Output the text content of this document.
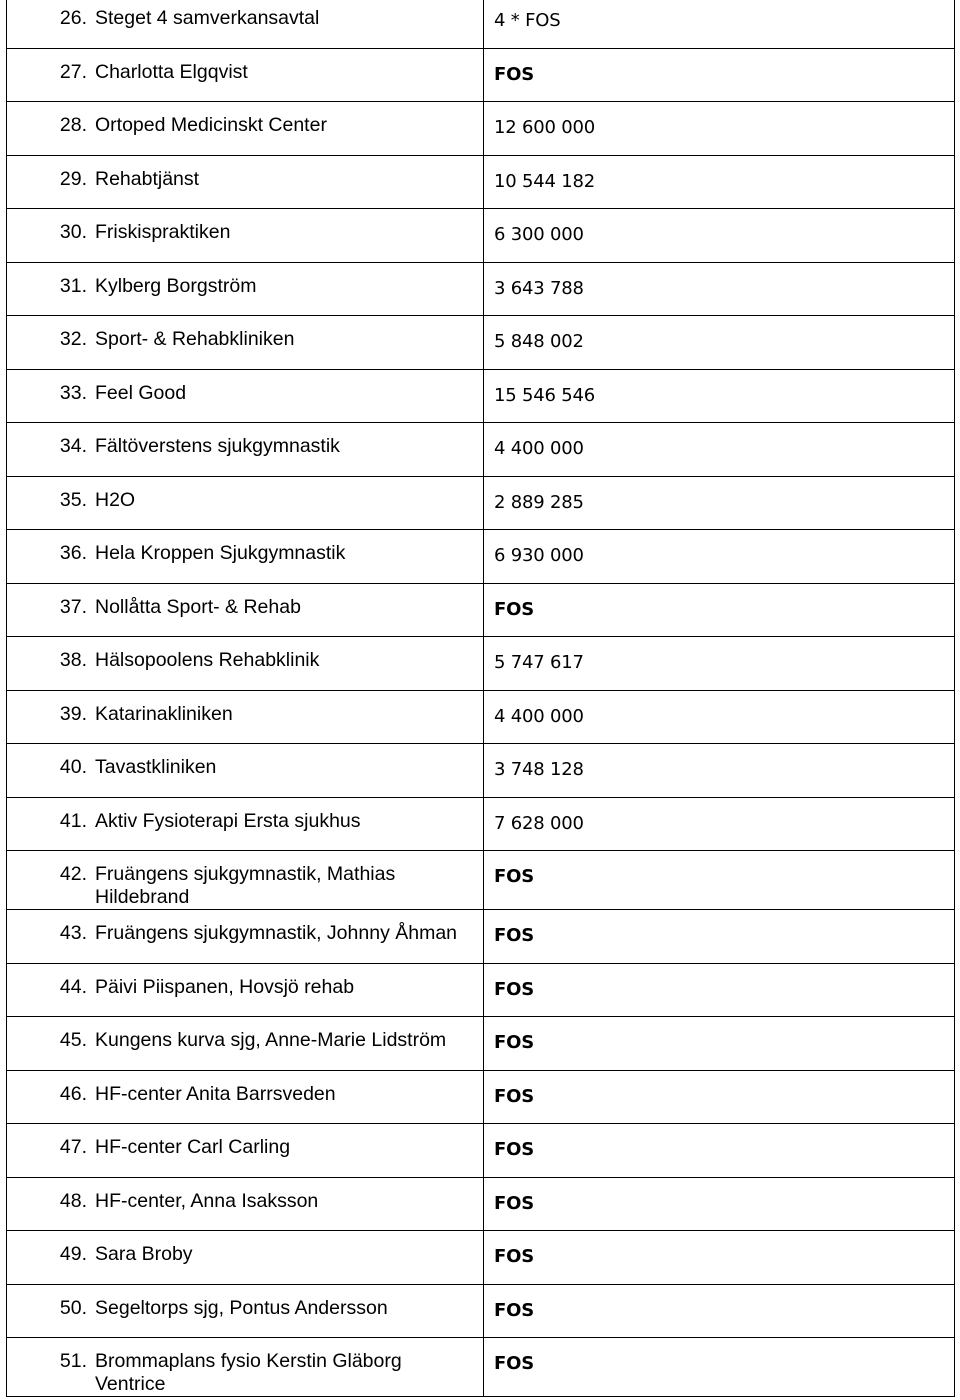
26. Steget 4 samverkansavtal	4 * FOS

27. Charlotta Elgqvist	FOS

28. Ortoped Medicinskt Center	12 600 000

29. Rehabtjänst	10 544 182

30. Friskispraktiken	6 300 000

31. Kylberg Borgström	3 643 788

32. Sport- & Rehabkliniken	5 848 002

33. Feel Good	15 546 546

34. Fältöverstens sjukgymnastik	4 400 000

35. H2O	2 889 285

36. Hela Kroppen Sjukgymnastik	6 930 000

37. Nollåtta Sport- & Rehab	FOS

38. Hälsopoolens Rehabklinik	5 747 617

39. Katarinakliniken	4 400 000

40. Tavastkliniken	3 748 128

41. Aktiv Fysioterapi Ersta sjukhus	7 628 000

42. Fruängens sjukgymnastik, Mathias Hildebrand	FOS

43. Fruängens sjukgymnastik, Johnny Åhman	FOS

44. Päivi Piispanen, Hovsjö rehab	FOS

45. Kungens kurva sjg, Anne-Marie Lidström	FOS

46. HF-center Anita Barrsveden	FOS

47. HF-center Carl Carling	FOS

48. HF-center, Anna Isaksson	FOS

49. Sara Broby	FOS

50. Segeltorps sjg, Pontus Andersson	FOS

51. Brommaplans fysio Kerstin Gläborg Ventrice	FOS
